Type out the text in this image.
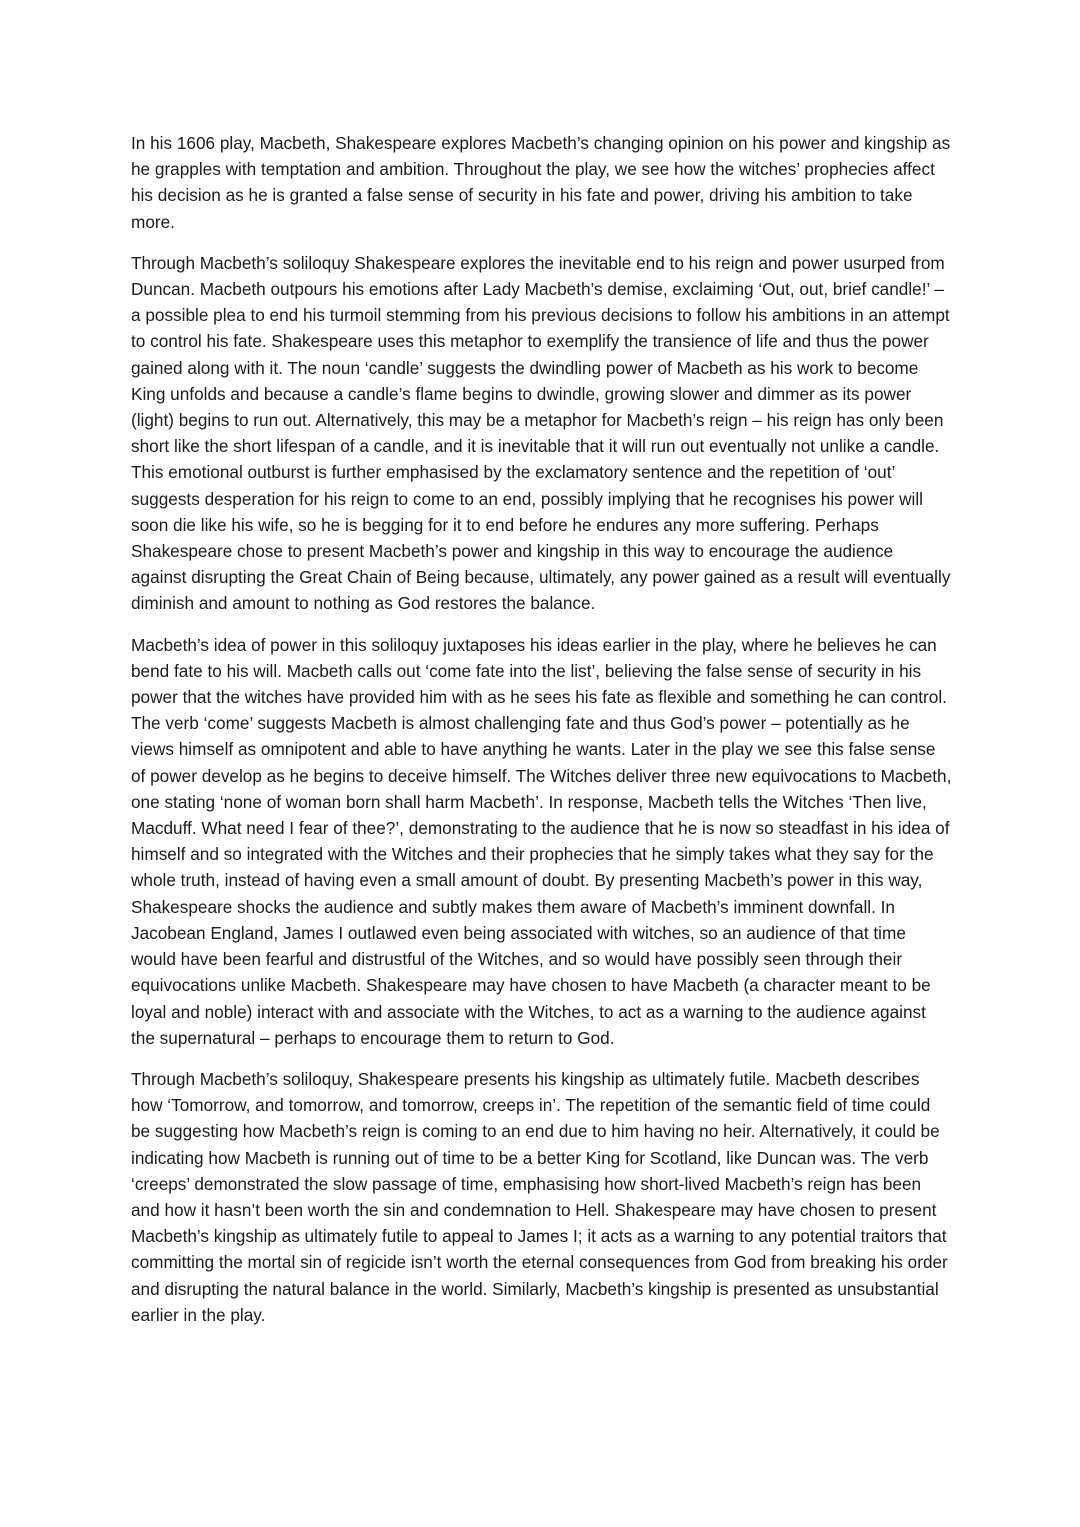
In his 1606 play, Macbeth, Shakespeare explores Macbeth’s changing opinion on his power and kingship as he grapples with temptation and ambition. Throughout the play, we see how the witches’ prophecies affect his decision as he is granted a false sense of security in his fate and power, driving his ambition to take more.

Through Macbeth’s soliloquy Shakespeare explores the inevitable end to his reign and power usurped from Duncan. Macbeth outpours his emotions after Lady Macbeth’s demise, exclaiming ‘Out, out, brief candle!’ – a possible plea to end his turmoil stemming from his previous decisions to follow his ambitions in an attempt to control his fate. Shakespeare uses this metaphor to exemplify the transience of life and thus the power gained along with it. The noun ‘candle’ suggests the dwindling power of Macbeth as his work to become King unfolds and because a candle’s flame begins to dwindle, growing slower and dimmer as its power (light) begins to run out. Alternatively, this may be a metaphor for Macbeth’s reign – his reign has only been short like the short lifespan of a candle, and it is inevitable that it will run out eventually not unlike a candle. This emotional outburst is further emphasised by the exclamatory sentence and the repetition of ‘out’ suggests desperation for his reign to come to an end, possibly implying that he recognises his power will soon die like his wife, so he is begging for it to end before he endures any more suffering. Perhaps Shakespeare chose to present Macbeth’s power and kingship in this way to encourage the audience against disrupting the Great Chain of Being because, ultimately, any power gained as a result will eventually diminish and amount to nothing as God restores the balance.

Macbeth’s idea of power in this soliloquy juxtaposes his ideas earlier in the play, where he believes he can bend fate to his will. Macbeth calls out ‘come fate into the list’, believing the false sense of security in his power that the witches have provided him with as he sees his fate as flexible and something he can control. The verb ‘come’ suggests Macbeth is almost challenging fate and thus God’s power – potentially as he views himself as omnipotent and able to have anything he wants. Later in the play we see this false sense of power develop as he begins to deceive himself. The Witches deliver three new equivocations to Macbeth, one stating ‘none of woman born shall harm Macbeth’. In response, Macbeth tells the Witches ‘Then live, Macduff. What need I fear of thee?’, demonstrating to the audience that he is now so steadfast in his idea of himself and so integrated with the Witches and their prophecies that he simply takes what they say for the whole truth, instead of having even a small amount of doubt. By presenting Macbeth’s power in this way, Shakespeare shocks the audience and subtly makes them aware of Macbeth’s imminent downfall. In Jacobean England, James I outlawed even being associated with witches, so an audience of that time would have been fearful and distrustful of the Witches, and so would have possibly seen through their equivocations unlike Macbeth. Shakespeare may have chosen to have Macbeth (a character meant to be loyal and noble) interact with and associate with the Witches, to act as a warning to the audience against the supernatural – perhaps to encourage them to return to God.

Through Macbeth’s soliloquy, Shakespeare presents his kingship as ultimately futile. Macbeth describes how ‘Tomorrow, and tomorrow, and tomorrow, creeps in’. The repetition of the semantic field of time could be suggesting how Macbeth’s reign is coming to an end due to him having no heir. Alternatively, it could be indicating how Macbeth is running out of time to be a better King for Scotland, like Duncan was. The verb ‘creeps’ demonstrated the slow passage of time, emphasising how short-lived Macbeth’s reign has been and how it hasn’t been worth the sin and condemnation to Hell. Shakespeare may have chosen to present Macbeth’s kingship as ultimately futile to appeal to James I; it acts as a warning to any potential traitors that committing the mortal sin of regicide isn’t worth the eternal consequences from God from breaking his order and disrupting the natural balance in the world. Similarly, Macbeth’s kingship is presented as unsubstantial earlier in the play.
